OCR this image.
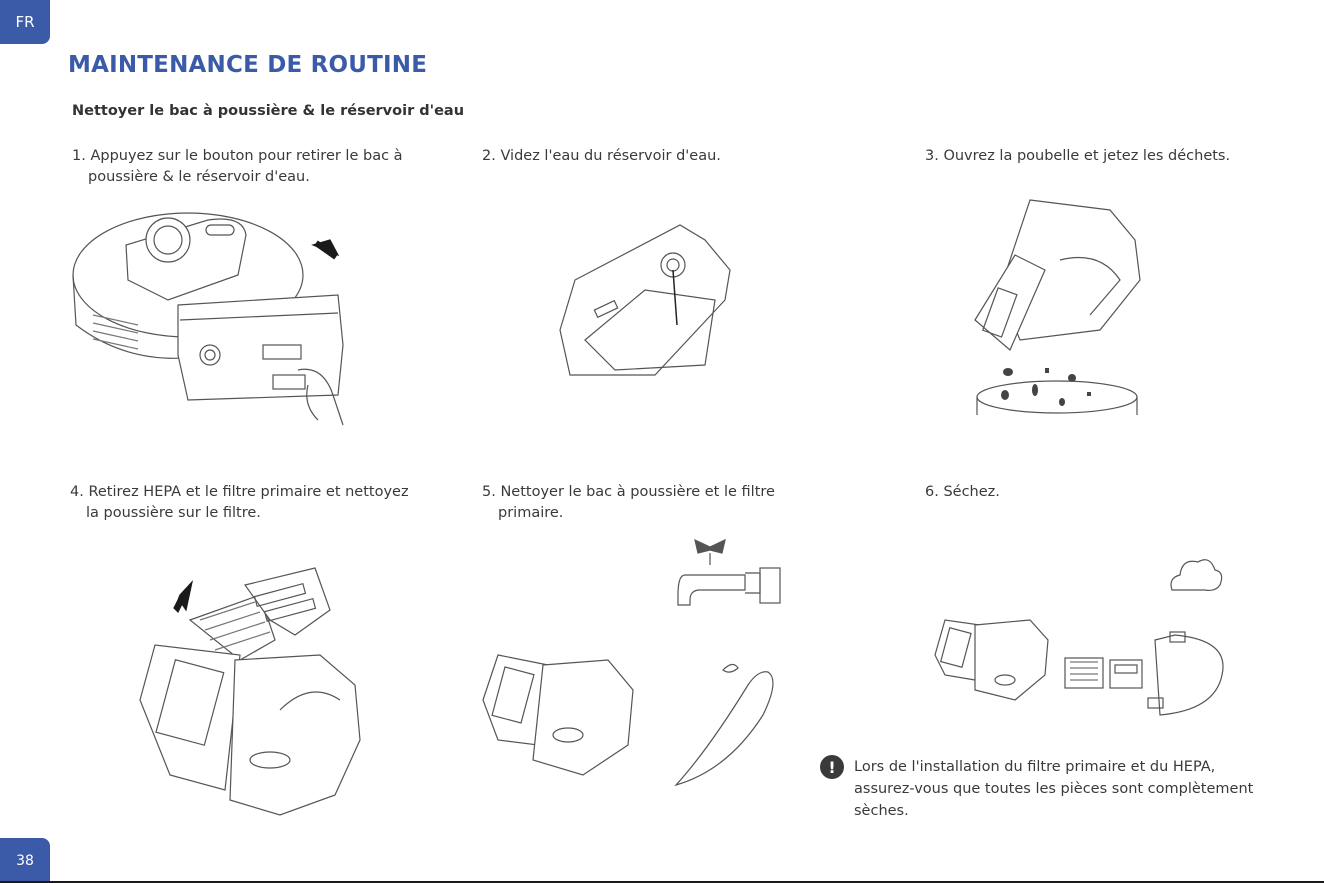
FR
MAINTENANCE DE ROUTINE
Nettoyer le bac à poussière & le réservoir d'eau
1. Appuyez sur le bouton pour retirer le bac à
poussière & le réservoir d'eau.
2. Videz l'eau du réservoir d'eau.	3. Ouvrez la poubelle et jetez les déchets.
4. Retirez HEPA et le filtre primaire et nettoyez
la poussière sur le filtre.
5. Nettoyer le bac à poussière et le filtre
primaire.
6. Séchez.
!	Lors de l'installation du filtre primaire et du HEPA,
assurez-vous que toutes les pièces sont complètement
sèches.
38
